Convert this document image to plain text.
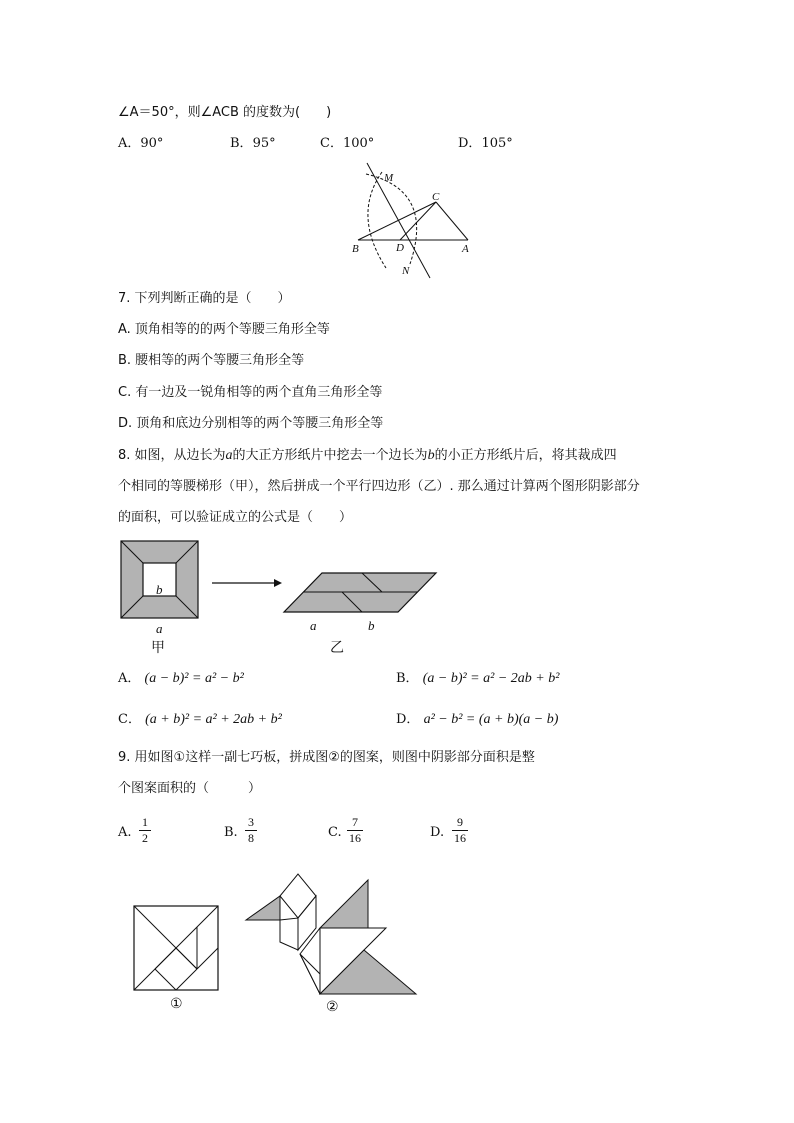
∠A＝50°，则∠ACB 的度数为(　　)
A．90°	B．95°	C．100°	D．105°
M
C
B	D	A
N
7. 下列判断正确的是（　　）
A. 顶角相等的的两个等腰三角形全等
B. 腰相等的两个等腰三角形全等
C. 有一边及一锐角相等的两个直角三角形全等
D. 顶角和底边分别相等的两个等腰三角形全等
8. 如图，从边长为a的大正方形纸片中挖去一个边长为b的小正方形纸片后，将其裁成四
个相同的等腰梯形（甲），然后拼成一个平行四边形（乙）. 那么通过计算两个图形阴影部分
的面积，可以验证成立的公式是（　　）
b
a
甲
a	b
乙
A． (a − b)² = a² − b²	B． (a − b)² = a² − 2ab + b²
C． (a + b)² = a² + 2ab + b²	D． a² − b² = (a + b)(a − b)
9. 用如图①这样一副七巧板，拼成图②的图案，则图中阴影部分面积是整
个图案面积的（　　　）
A.
1
2	B.
3
8	C.
7
16	D.
9
16
①	②
